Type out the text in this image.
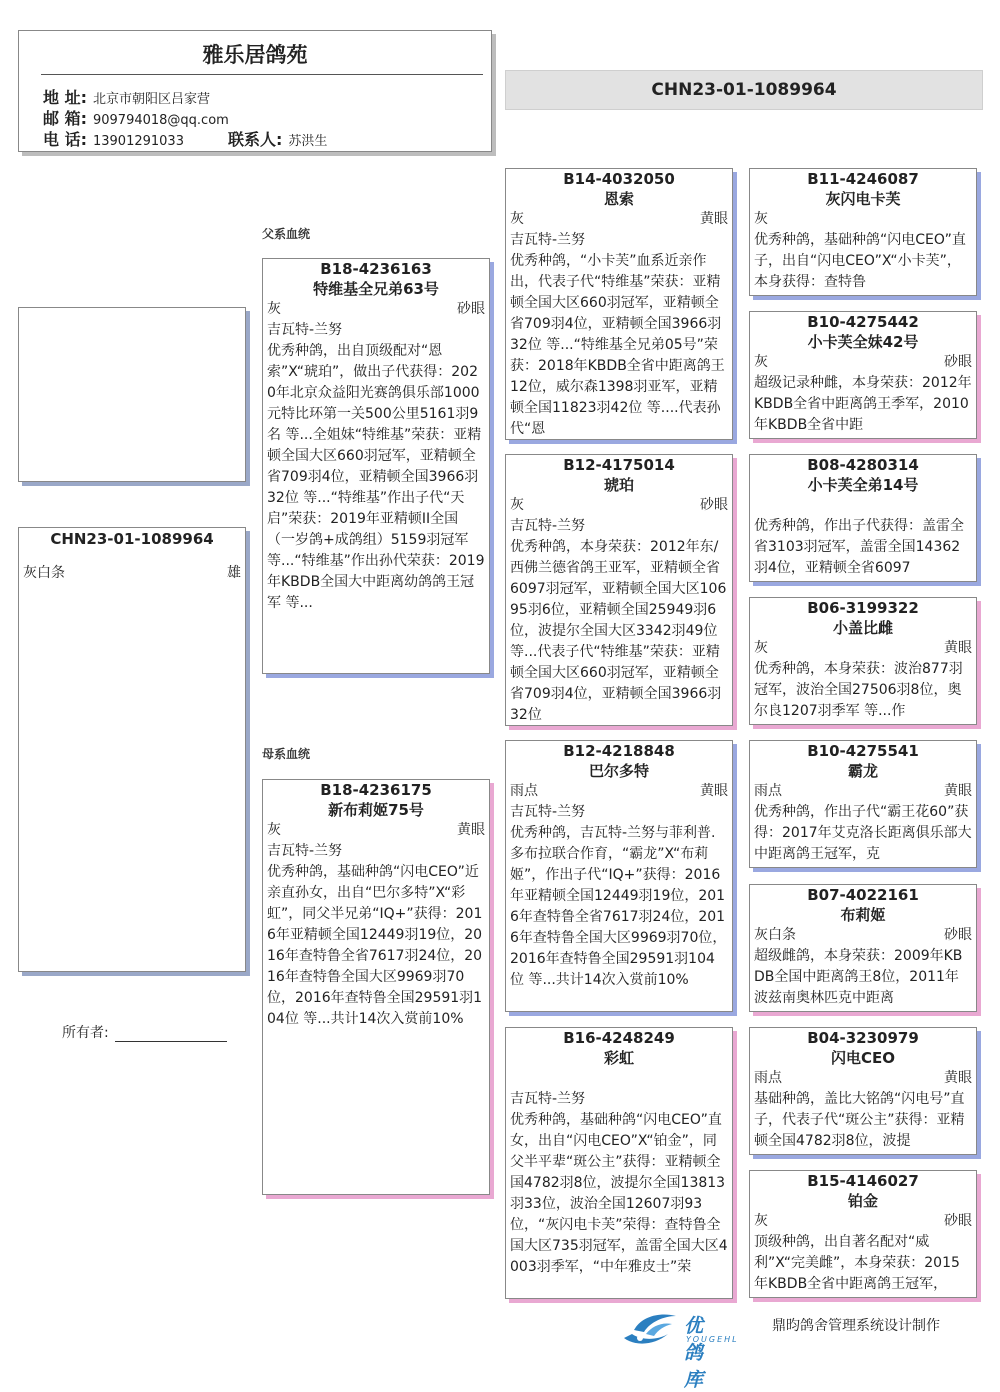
雅乐居鸽苑
地 址: 北京市朝阳区吕家营
邮 箱: 909794018@qq.com
电 话: 13901291033	联系人: 苏洪生
CHN23-01-1089964
CHN23-01-1089964
灰白条	雄
所有者:
父系血统
母系血统
B18-4236163
特维基全兄弟63号
灰	砂眼
吉瓦特-兰努
优秀种鸽，出自顶级配对“恩索”X“琥珀”，做出子代获得：2020年北京众益阳光赛鸽俱乐部1000元特比环第一关500公里5161羽9名 等...全姐妹“特维基”荣获：亚精顿全国大区660羽冠军，亚精顿全省709羽4位，亚精顿全国3966羽32位 等...“特维基”作出子代“天启”荣获：2019年亚精顿II全国（一岁鸽+成鸽组）5159羽冠军 等...“特维基”作出孙代荣获：2019年KBDB全国大中距离幼鸽鸽王冠军 等...
B18-4236175
新布莉姬75号
灰	黄眼
吉瓦特-兰努
优秀种鸽，基础种鸽“闪电CEO”近亲直孙女，出自“巴尔多特”X“彩虹”，同父半兄弟“IQ+”获得：2016年亚精顿全国12449羽19位，2016年查特鲁全省7617羽24位，2016年查特鲁全国大区9969羽70位，2016年查特鲁全国29591羽104位 等...共计14次入赏前10%
B14-4032050
恩索
灰	黄眼
吉瓦特-兰努
优秀种鸽，“小卡芙”血系近亲作出，代表子代“特维基”荣获：亚精顿全国大区660羽冠军，亚精顿全省709羽4位，亚精顿全国3966羽32位 等...“特维基全兄弟05号”荣获：2018年KBDB全省中距离鸽王12位，威尔森1398羽亚军，亚精顿全国11823羽42位 等....代表孙代“恩
B12-4175014
琥珀
灰	砂眼
吉瓦特-兰努
优秀种鸽，本身荣获：2012年东/西佛兰德省鸽王亚军，亚精顿全省6097羽冠军，亚精顿全国大区10695羽6位，亚精顿全国25949羽6位，波提尔全国大区3342羽49位 等...代表子代“特维基”荣获：亚精顿全国大区660羽冠军，亚精顿全省709羽4位，亚精顿全国3966羽32位
B12-4218848
巴尔多特
雨点	黄眼
吉瓦特-兰努
优秀种鸽，吉瓦特-兰努与菲利普.多布拉联合作育，“霸龙”X“布莉姬”，作出子代“IQ+”获得：2016年亚精顿全国12449羽19位，2016年查特鲁全省7617羽24位，2016年查特鲁全国大区9969羽70位，2016年查特鲁全国29591羽104位 等...共计14次入赏前10%
B16-4248249
彩虹
吉瓦特-兰努
优秀种鸽，基础种鸽“闪电CEO”直女，出自“闪电CEO”X“铂金”，同父半平辈“斑公主”获得：亚精顿全国4782羽8位，波提尔全国13813羽33位，波治全国12607羽93位，“灰闪电卡芙”荣得：查特鲁全国大区735羽冠军，盖雷全国大区4003羽季军，“中年雅皮士”荣
B11-4246087
灰闪电卡芙
灰
优秀种鸽，基础种鸽“闪电CEO”直子，出自“闪电CEO”X“小卡芙”，本身获得：查特鲁
B10-4275442
小卡芙全妹42号
灰	砂眼
超级记录种雌，本身荣获：2012年KBDB全省中距离鸽王季军，2010年KBDB全省中距
B08-4280314
小卡芙全弟14号
优秀种鸽，作出子代获得：盖雷全省3103羽冠军，盖雷全国14362羽4位，亚精顿全省6097
B06-3199322
小盖比雌
灰	黄眼
优秀种鸽，本身荣获：波治877羽冠军，波治全国27506羽8位，奥尔良1207羽季军 等...作
B10-4275541
霸龙
雨点	黄眼
优秀种鸽，作出子代“霸王花60”获得：2017年艾克洛长距离俱乐部大中距离鸽王冠军，克
B07-4022161
布莉姬
灰白条	砂眼
超级雌鸽，本身荣获：2009年KBDB全国中距离鸽王8位，2011年波兹南奥林匹克中距离
B04-3230979
闪电CEO
雨点	黄眼
基础种鸽，盖比大铭鸽“闪电号”直子，代表子代“斑公主”获得：亚精顿全国4782羽8位，波提
B15-4146027
铂金
灰	砂眼
顶级种鸽，出自著名配对“威利”X“完美雌”，本身荣获：2015年KBDB全省中距离鸽王冠军，
优鸽库
YOUGEHL
鼎昀鸽舍管理系统设计制作
